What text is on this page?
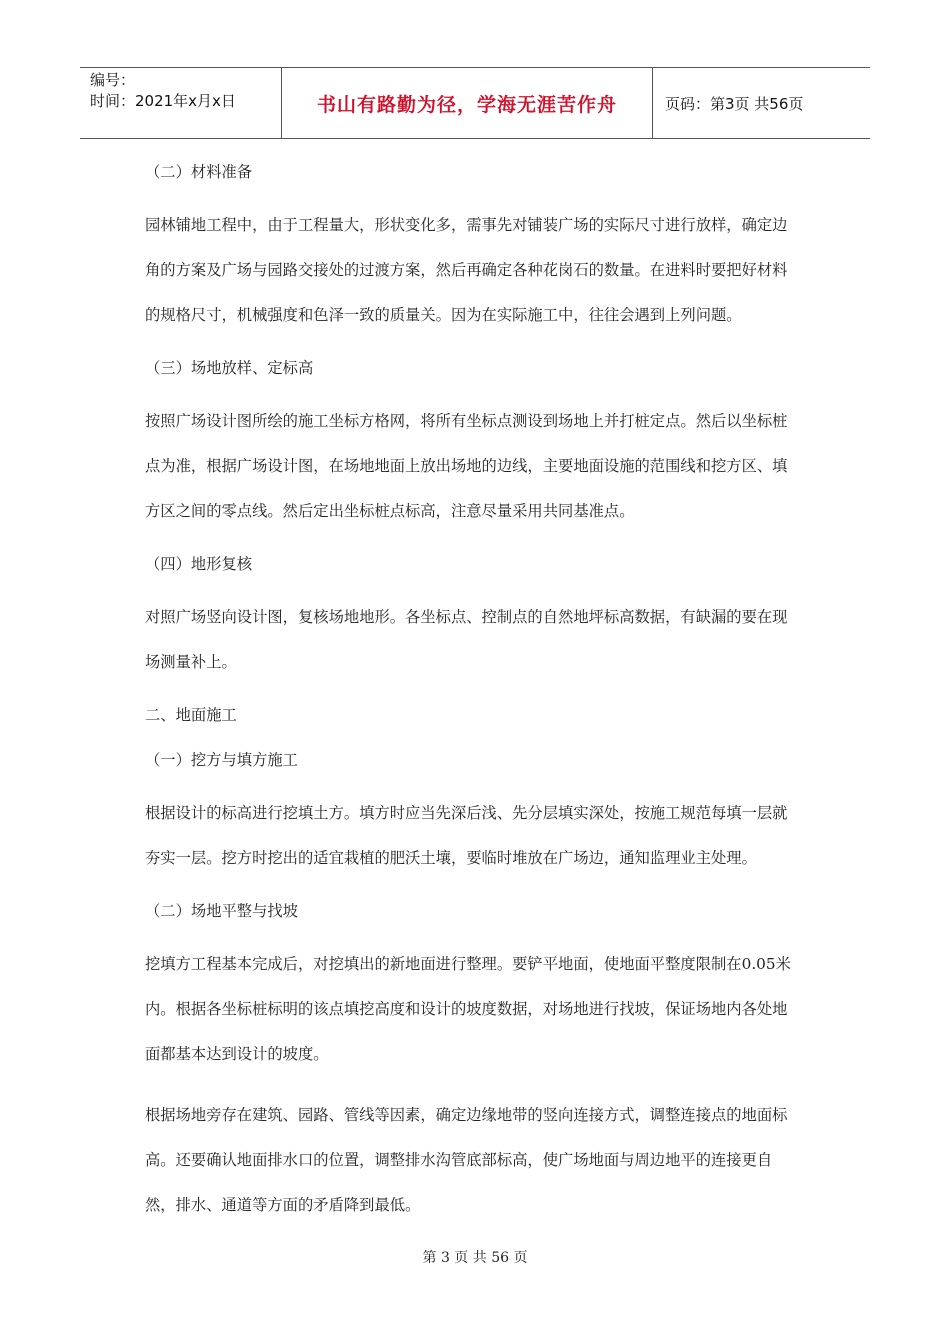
编号：
时间：2021年x月x日	书山有路勤为径，学海无涯苦作舟	页码：第3页 共56页

（二）材料准备

园林铺地工程中，由于工程量大，形状变化多，需事先对铺装广场的实际尺寸进行放样，确定边角的方案及广场与园路交接处的过渡方案，然后再确定各种花岗石的数量。在进料时要把好材料的规格尺寸，机械强度和色泽一致的质量关。因为在实际施工中，往往会遇到上列问题。

（三）场地放样、定标高

按照广场设计图所绘的施工坐标方格网，将所有坐标点测设到场地上并打桩定点。然后以坐标桩点为准，根据广场设计图，在场地地面上放出场地的边线，主要地面设施的范围线和挖方区、填方区之间的零点线。然后定出坐标桩点标高，注意尽量采用共同基准点。

（四）地形复核

对照广场竖向设计图，复核场地地形。各坐标点、控制点的自然地坪标高数据，有缺漏的要在现场测量补上。

二、地面施工

（一）挖方与填方施工

根据设计的标高进行挖填土方。填方时应当先深后浅、先分层填实深处，按施工规范每填一层就夯实一层。挖方时挖出的适宜栽植的肥沃土壤，要临时堆放在广场边，通知监理业主处理。

（二）场地平整与找坡

挖填方工程基本完成后，对挖填出的新地面进行整理。要铲平地面，使地面平整度限制在0.05米内。根据各坐标桩标明的该点填挖高度和设计的坡度数据，对场地进行找坡，保证场地内各处地面都基本达到设计的坡度。

根据场地旁存在建筑、园路、管线等因素，确定边缘地带的竖向连接方式，调整连接点的地面标高。还要确认地面排水口的位置，调整排水沟管底部标高，使广场地面与周边地平的连接更自然，排水、通道等方面的矛盾降到最低。

第 3 页 共 56 页
